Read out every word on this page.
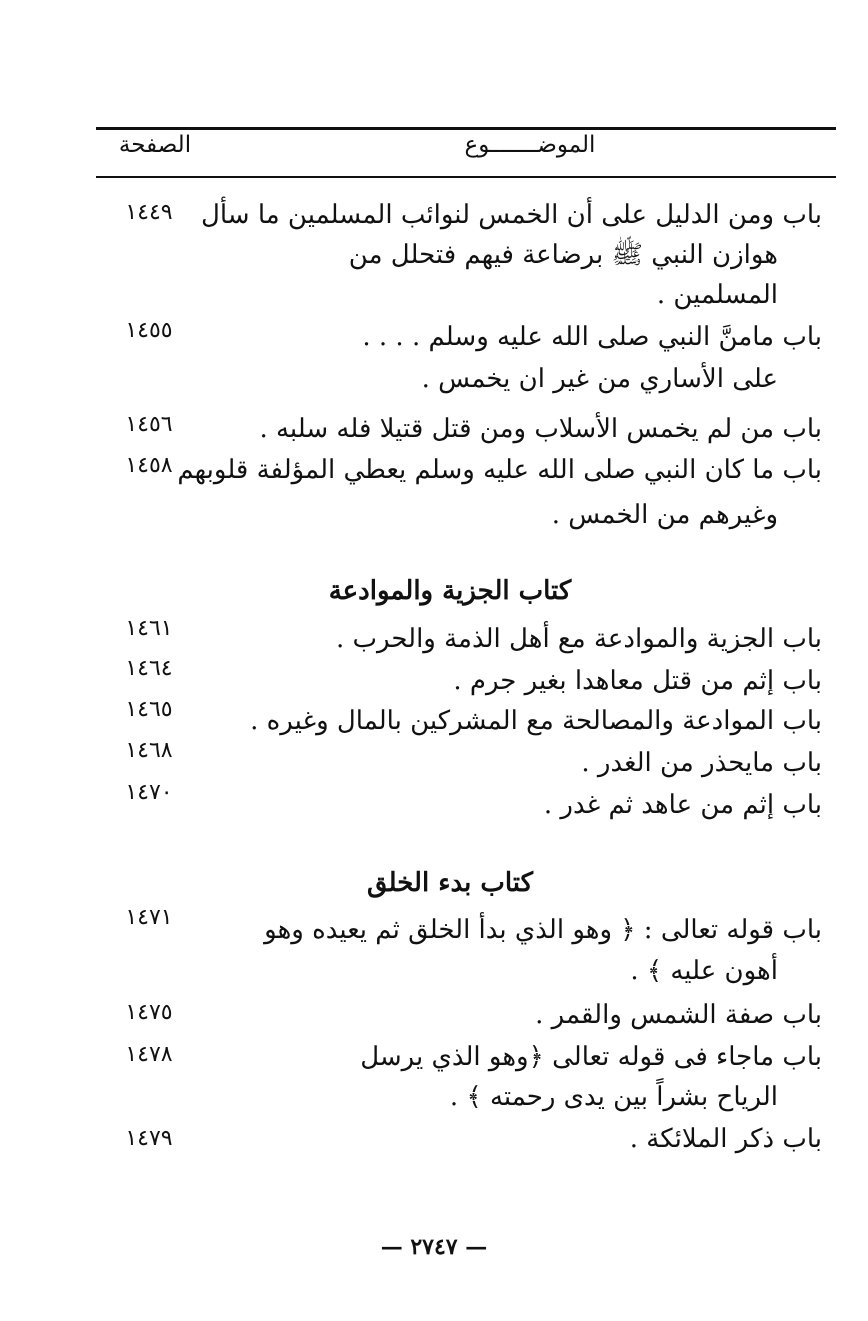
الصفحة	الموضـــــــوع
١٤٤٩	باب ومن الدليل على أن الخمس لنوائب المسلمين ما سأل
هوازن النبي ﷺ برضاعة فيهم فتحلل من
المسلمين .
١٤٥٥	باب مامنَّ النبي صلى الله عليه وسلم . . . .
على الأساري من غير ان يخمس .
١٤٥٦	باب من لم يخمس الأسلاب ومن قتل قتيلا فله سلبه .
١٤٥٨ باب ما كان النبي صلى الله عليه وسلم يعطي المؤلفة قلوبهم
وغيرهم من الخمس .
كتاب الجزية والموادعة
١٤٦١	باب الجزية والموادعة مع أهل الذمة والحرب .
١٤٦٤	باب إثم من قتل معاهدا بغير جرم .
١٤٦٥	باب الموادعة والمصالحة مع المشركين بالمال وغيره .
١٤٦٨	باب مايحذر من الغدر .
١٤٧٠	باب إثم من عاهد ثم غدر .
كتاب بدء الخلق
١٤٧١	باب قوله تعالى : ﴿ وهو الذي بدأ الخلق ثم يعيده وهو
أهون عليه ﴾ .
١٤٧٥	باب صفة الشمس والقمر .
١٤٧٨	باب ماجاء فى قوله تعالى ﴿وهو الذي يرسل
الرياح بشراً بين يدى رحمته ﴾ .
١٤٧٩	باب ذكر الملائكة .
— ٢٧٤٧ —
